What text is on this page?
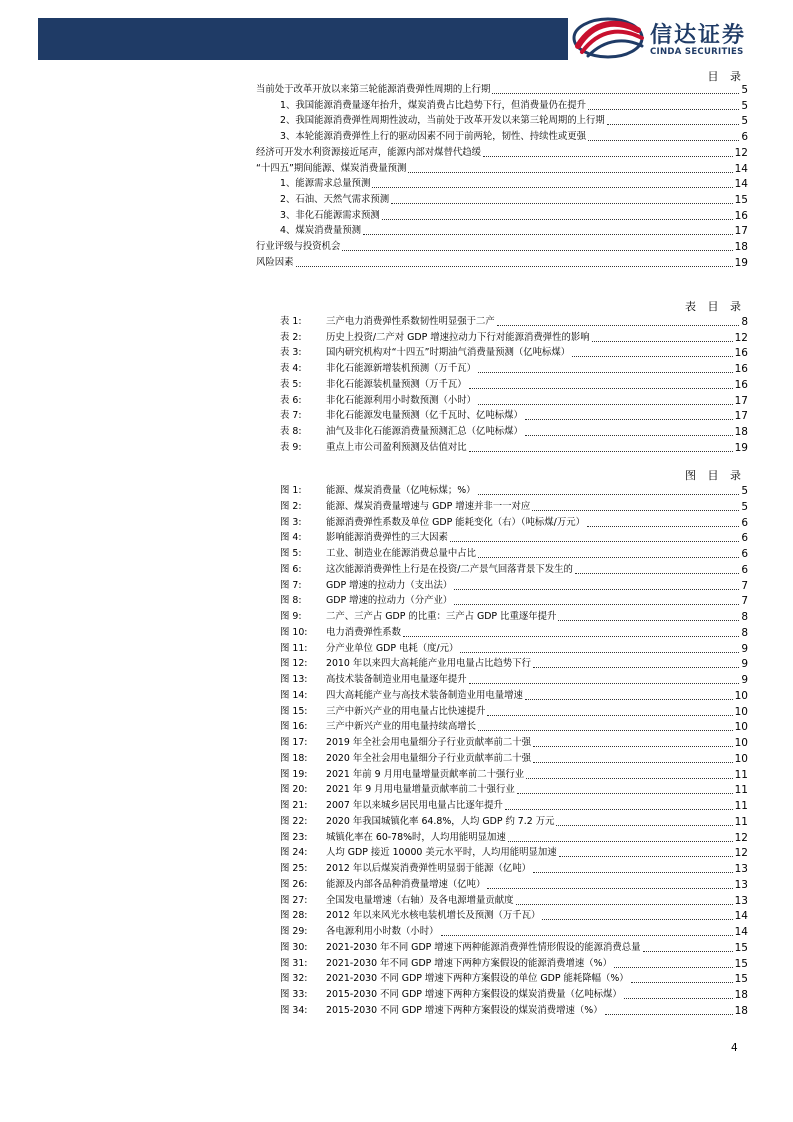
信达证券
CINDA SECURITIES
目 录
当前处于改革开放以来第三轮能源消费弹性周期的上行期	5
1、我国能源消费量逐年抬升，煤炭消费占比趋势下行，但消费量仍在提升	5
2、我国能源消费弹性周期性波动，当前处于改革开发以来第三轮周期的上行期	5
3、本轮能源消费弹性上行的驱动因素不同于前两轮，韧性、持续性或更强	6
经济可开发水利资源接近尾声，能源内部对煤替代趋缓	12
“十四五”期间能源、煤炭消费量预测	14
1、能源需求总量预测	14
2、石油、天然气需求预测	15
3、非化石能源需求预测	16
4、煤炭消费量预测	17
行业评级与投资机会	18
风险因素	19
表 目 录
表 1:	三产电力消费弹性系数韧性明显强于二产	8
表 2:	历史上投资/二产对 GDP 增速拉动力下行对能源消费弹性的影响	12
表 3:	国内研究机构对“十四五”时期油气消费量预测（亿吨标煤）	16
表 4:	非化石能源新增装机预测（万千瓦）	16
表 5:	非化石能源装机量预测（万千瓦）	16
表 6:	非化石能源利用小时数预测（小时）	17
表 7:	非化石能源发电量预测（亿千瓦时、亿吨标煤）	17
表 8:	油气及非化石能源消费量预测汇总（亿吨标煤）	18
表 9:	重点上市公司盈利预测及估值对比	19
图 目 录
图 1:	能源、煤炭消费量（亿吨标煤；%）	5
图 2:	能源、煤炭消费量增速与 GDP 增速并非一一对应	5
图 3:	能源消费弹性系数及单位 GDP 能耗变化（右）（吨标煤/万元）	6
图 4:	影响能源消费弹性的三大因素	6
图 5:	工业、制造业在能源消费总量中占比	6
图 6:	这次能源消费弹性上行是在投资/二产景气回落背景下发生的	6
图 7:	GDP 增速的拉动力（支出法）	7
图 8:	GDP 增速的拉动力（分产业）	7
图 9:	二产、三产占 GDP 的比重：三产占 GDP 比重逐年提升	8
图 10: 电力消费弹性系数	8
图 11: 分产业单位 GDP 电耗（度/元）	9
图 12: 2010 年以来四大高耗能产业用电量占比趋势下行	9
图 13: 高技术装备制造业用电量逐年提升	9
图 14: 四大高耗能产业与高技术装备制造业用电量增速	10
图 15: 三产中新兴产业的用电量占比快速提升	10
图 16: 三产中新兴产业的用电量持续高增长	10
图 17: 2019 年全社会用电量细分子行业贡献率前二十强	10
图 18: 2020 年全社会用电量细分子行业贡献率前二十强	10
图 19: 2021 年前 9 月用电量增量贡献率前二十强行业	11
图 20: 2021 年 9 月用电量增量贡献率前二十强行业	11
图 21: 2007 年以来城乡居民用电量占比逐年提升	11
图 22: 2020 年我国城镇化率 64.8%，人均 GDP 约 7.2 万元	11
图 23: 城镇化率在 60-78%时，人均用能明显加速	12
图 24: 人均 GDP 接近 10000 美元水平时，人均用能明显加速	12
图 25: 2012 年以后煤炭消费弹性明显弱于能源（亿吨）	13
图 26: 能源及内部各品种消费量增速（亿吨）	13
图 27: 全国发电量增速（右轴）及各电源增量贡献度	13
图 28: 2012 年以来风光水核电装机增长及预测（万千瓦）	14
图 29: 各电源利用小时数（小时）	14
图 30: 2021-2030 年不同 GDP 增速下两种能源消费弹性情形假设的能源消费总量	15
图 31: 2021-2030 年不同 GDP 增速下两种方案假设的能源消费增速（%）	15
图 32: 2021-2030 不同 GDP 增速下两种方案假设的单位 GDP 能耗降幅（%）	15
图 33: 2015-2030 不同 GDP 增速下两种方案假设的煤炭消费量（亿吨标煤）	18
图 34: 2015-2030 不同 GDP 增速下两种方案假设的煤炭消费增速（%）	18
4
